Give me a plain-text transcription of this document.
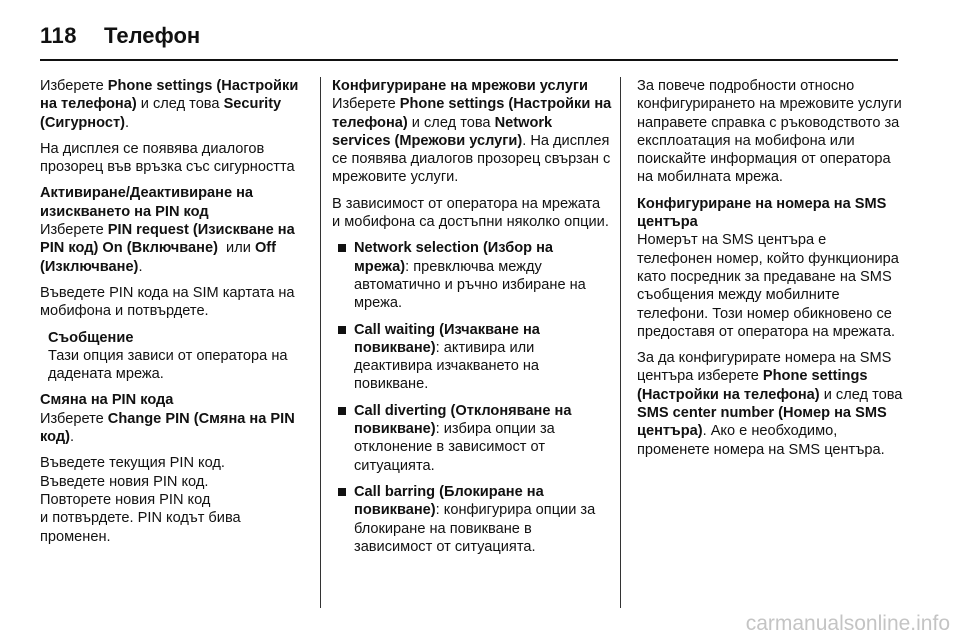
118 Телефон

Изберете Phone settings (Настройки на телефона) и след това Security (Сигурност).

На дисплея се появява диалогов прозорец във връзка със сигурността

Активиране/Деактивиране на изискването на PIN код
Изберете PIN request (Изискване на PIN код) On (Включване)  или Off (Изключване).

Въведете PIN кода на SIM картата на мобифона и потвърдете.

Съобщение
Тази опция зависи от оператора на дадената мрежа.
Смяна на PIN кода
Изберете Change PIN (Смяна на PIN код).

Въведете текущия PIN код.
Въведете новия PIN код.
Повторете новия PIN код
и потвърдете. PIN кодът бива променен.

Конфигуриране на мрежови услуги
Изберете Phone settings (Настройки на телефона) и след това Network services (Мрежови услуги). На дисплея се появява диалогов прозорец свързан с мрежовите услуги.

В зависимост от оператора на мрежата и мобифона са достъпни няколко опции.

Network selection (Избор на мрежа): превключва между автоматично и ръчно избиране на мрежа.
Call waiting (Изчакване на повикване): активира или деактивира изчакването на повикване.
Call diverting (Отклоняване на повикване): избира опции за отклонение в зависимост от ситуацията.
Call barring (Блокиране на повикване): конфигурира опции за блокиране на повикване в зависимост от ситуацията.

За повече подробности относно конфигурирането на мрежовите услуги направете справка с ръководството за експлоатация на мобифона или поискайте информация от оператора на мобилната мрежа.

Конфигуриране на номера на SMS центъра
Номерът на SMS центъра е телефонен номер, който функционира като посредник за предаване на SMS съобщения между мобилните телефони. Този номер обикновено се предоставя от оператора на мрежата.

За да конфигурирате номера на SMS центъра изберете Phone settings (Настройки на телефона) и след това SMS center number (Номер на SMS центъра). Ако е необходимо, променете номера на SMS центъра.

carmanualsonline.info
